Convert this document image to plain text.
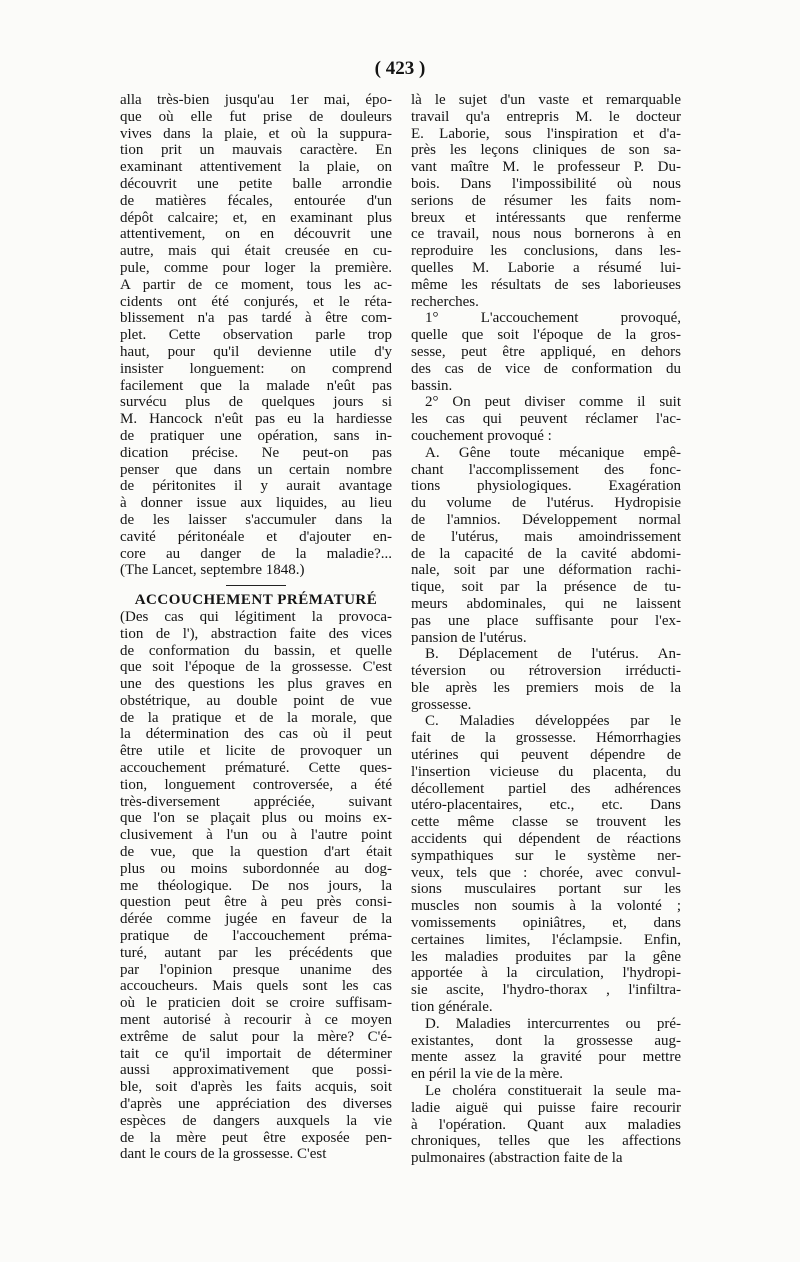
( 423 )
alla très-bien jusqu'au 1er mai, épo-
que où elle fut prise de douleurs
vives dans la plaie, et où la suppura-
tion prit un mauvais caractère. En
examinant attentivement la plaie, on
découvrit une petite balle arrondie
de matières fécales, entourée d'un
dépôt calcaire; et, en examinant plus
attentivement, on en découvrit une
autre, mais qui était creusée en cu-
pule, comme pour loger la première.
A partir de ce moment, tous les ac-
cidents ont été conjurés, et le réta-
blissement n'a pas tardé à être com-
plet. Cette observation parle trop
haut, pour qu'il devienne utile d'y
insister longuement: on comprend
facilement que la malade n'eût pas
survécu plus de quelques jours si
M. Hancock n'eût pas eu la hardiesse
de pratiquer une opération, sans in-
dication précise. Ne peut-on pas
penser que dans un certain nombre
de péritonites il y aurait avantage
à donner issue aux liquides, au lieu
de les laisser s'accumuler dans la
cavité péritonéale et d'ajouter en-
core au danger de la maladie?...
(The Lancet, septembre 1848.)
ACCOUCHEMENT PRÉMATURÉ
(Des cas qui légitiment la provoca-
tion de l'), abstraction faite des vices
de conformation du bassin, et quelle
que soit l'époque de la grossesse. C'est
une des questions les plus graves en
obstétrique, au double point de vue
de la pratique et de la morale, que
la détermination des cas où il peut
être utile et licite de provoquer un
accouchement prématuré. Cette ques-
tion, longuement controversée, a été
très-diversement appréciée, suivant
que l'on se plaçait plus ou moins ex-
clusivement à l'un ou à l'autre point
de vue, que la question d'art était
plus ou moins subordonnée au dog-
me théologique. De nos jours, la
question peut être à peu près consi-
dérée comme jugée en faveur de la
pratique de l'accouchement préma-
turé, autant par les précédents que
par l'opinion presque unanime des
accoucheurs. Mais quels sont les cas
où le praticien doit se croire suffisam-
ment autorisé à recourir à ce moyen
extrême de salut pour la mère? C'é-
tait ce qu'il importait de déterminer
aussi approximativement que possi-
ble, soit d'après les faits acquis, soit
d'après une appréciation des diverses
espèces de dangers auxquels la vie
de la mère peut être exposée pen-
dant le cours de la grossesse. C'est
là le sujet d'un vaste et remarquable
travail qu'a entrepris M. le docteur
E. Laborie, sous l'inspiration et d'a-
près les leçons cliniques de son sa-
vant maître M. le professeur P. Du-
bois. Dans l'impossibilité où nous
serions de résumer les faits nom-
breux et intéressants que renferme
ce travail, nous nous bornerons à en
reproduire les conclusions, dans les-
quelles M. Laborie a résumé lui-
même les résultats de ses laborieuses
recherches.
1° L'accouchement provoqué,
quelle que soit l'époque de la gros-
sesse, peut être appliqué, en dehors
des cas de vice de conformation du
bassin.
2° On peut diviser comme il suit
les cas qui peuvent réclamer l'ac-
couchement provoqué :
A. Gêne toute mécanique empê-
chant l'accomplissement des fonc-
tions physiologiques. Exagération
du volume de l'utérus. Hydropisie
de l'amnios. Développement normal
de l'utérus, mais amoindrissement
de la capacité de la cavité abdomi-
nale, soit par une déformation rachi-
tique, soit par la présence de tu-
meurs abdominales, qui ne laissent
pas une place suffisante pour l'ex-
pansion de l'utérus.
B. Déplacement de l'utérus. An-
téversion ou rétroversion irréducti-
ble après les premiers mois de la
grossesse.
C. Maladies développées par le
fait de la grossesse. Hémorrhagies
utérines qui peuvent dépendre de
l'insertion vicieuse du placenta, du
décollement partiel des adhérences
utéro-placentaires, etc., etc. Dans
cette même classe se trouvent les
accidents qui dépendent de réactions
sympathiques sur le système ner-
veux, tels que : chorée, avec convul-
sions musculaires portant sur les
muscles non soumis à la volonté ;
vomissements opiniâtres, et, dans
certaines limites, l'éclampsie. Enfin,
les maladies produites par la gêne
apportée à la circulation, l'hydropi-
sie ascite, l'hydro-thorax , l'infiltra-
tion générale.
D. Maladies intercurrentes ou pré-
existantes, dont la grossesse aug-
mente assez la gravité pour mettre
en péril la vie de la mère.
Le choléra constituerait la seule ma-
ladie aiguë qui puisse faire recourir
à l'opération. Quant aux maladies
chroniques, telles que les affections
pulmonaires (abstraction faite de la
